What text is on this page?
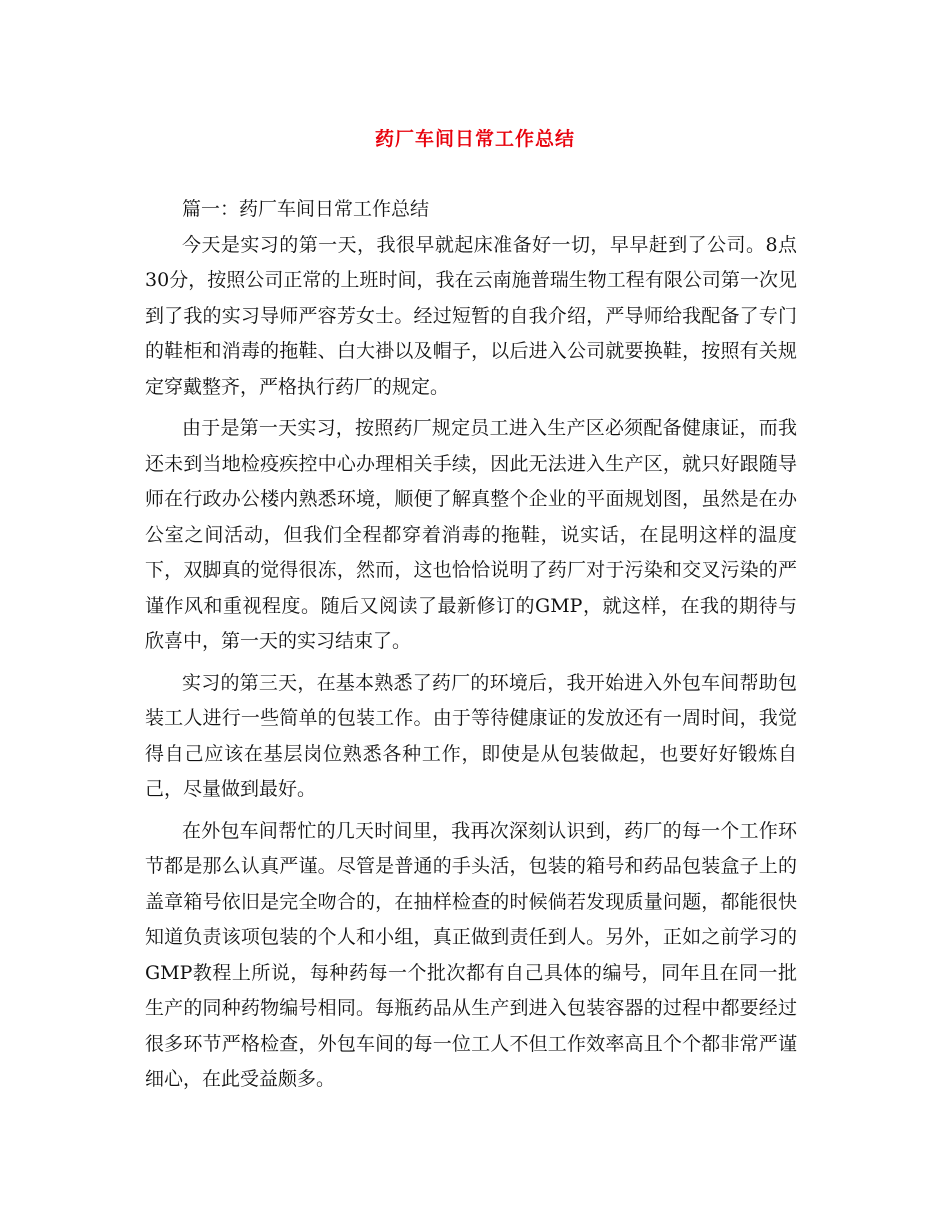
药厂车间日常工作总结

篇一：药厂车间日常工作总结

今天是实习的第一天，我很早就起床准备好一切，早早赶到了公司。8点30分，按照公司正常的上班时间，我在云南施普瑞生物工程有限公司第一次见到了我的实习导师严容芳女士。经过短暂的自我介绍，严导师给我配备了专门的鞋柜和消毒的拖鞋、白大褂以及帽子，以后进入公司就要换鞋，按照有关规定穿戴整齐，严格执行药厂的规定。

由于是第一天实习，按照药厂规定员工进入生产区必须配备健康证，而我还未到当地检疫疾控中心办理相关手续，因此无法进入生产区，就只好跟随导师在行政办公楼内熟悉环境，顺便了解真整个企业的平面规划图，虽然是在办公室之间活动，但我们全程都穿着消毒的拖鞋，说实话，在昆明这样的温度下，双脚真的觉得很冻，然而，这也恰恰说明了药厂对于污染和交叉污染的严谨作风和重视程度。随后又阅读了最新修订的GMP，就这样，在我的期待与欣喜中，第一天的实习结束了。

实习的第三天，在基本熟悉了药厂的环境后，我开始进入外包车间帮助包装工人进行一些简单的包装工作。由于等待健康证的发放还有一周时间，我觉得自己应该在基层岗位熟悉各种工作，即使是从包装做起，也要好好锻炼自己，尽量做到最好。

在外包车间帮忙的几天时间里，我再次深刻认识到，药厂的每一个工作环节都是那么认真严谨。尽管是普通的手头活，包装的箱号和药品包装盒子上的盖章箱号依旧是完全吻合的，在抽样检查的时候倘若发现质量问题，都能很快知道负责该项包装的个人和小组，真正做到责任到人。另外，正如之前学习的GMP教程上所说，每种药每一个批次都有自己具体的编号，同年且在同一批生产的同种药物编号相同。每瓶药品从生产到进入包装容器的过程中都要经过很多环节严格检查，外包车间的每一位工人不但工作效率高且个个都非常严谨细心，在此受益颇多。
